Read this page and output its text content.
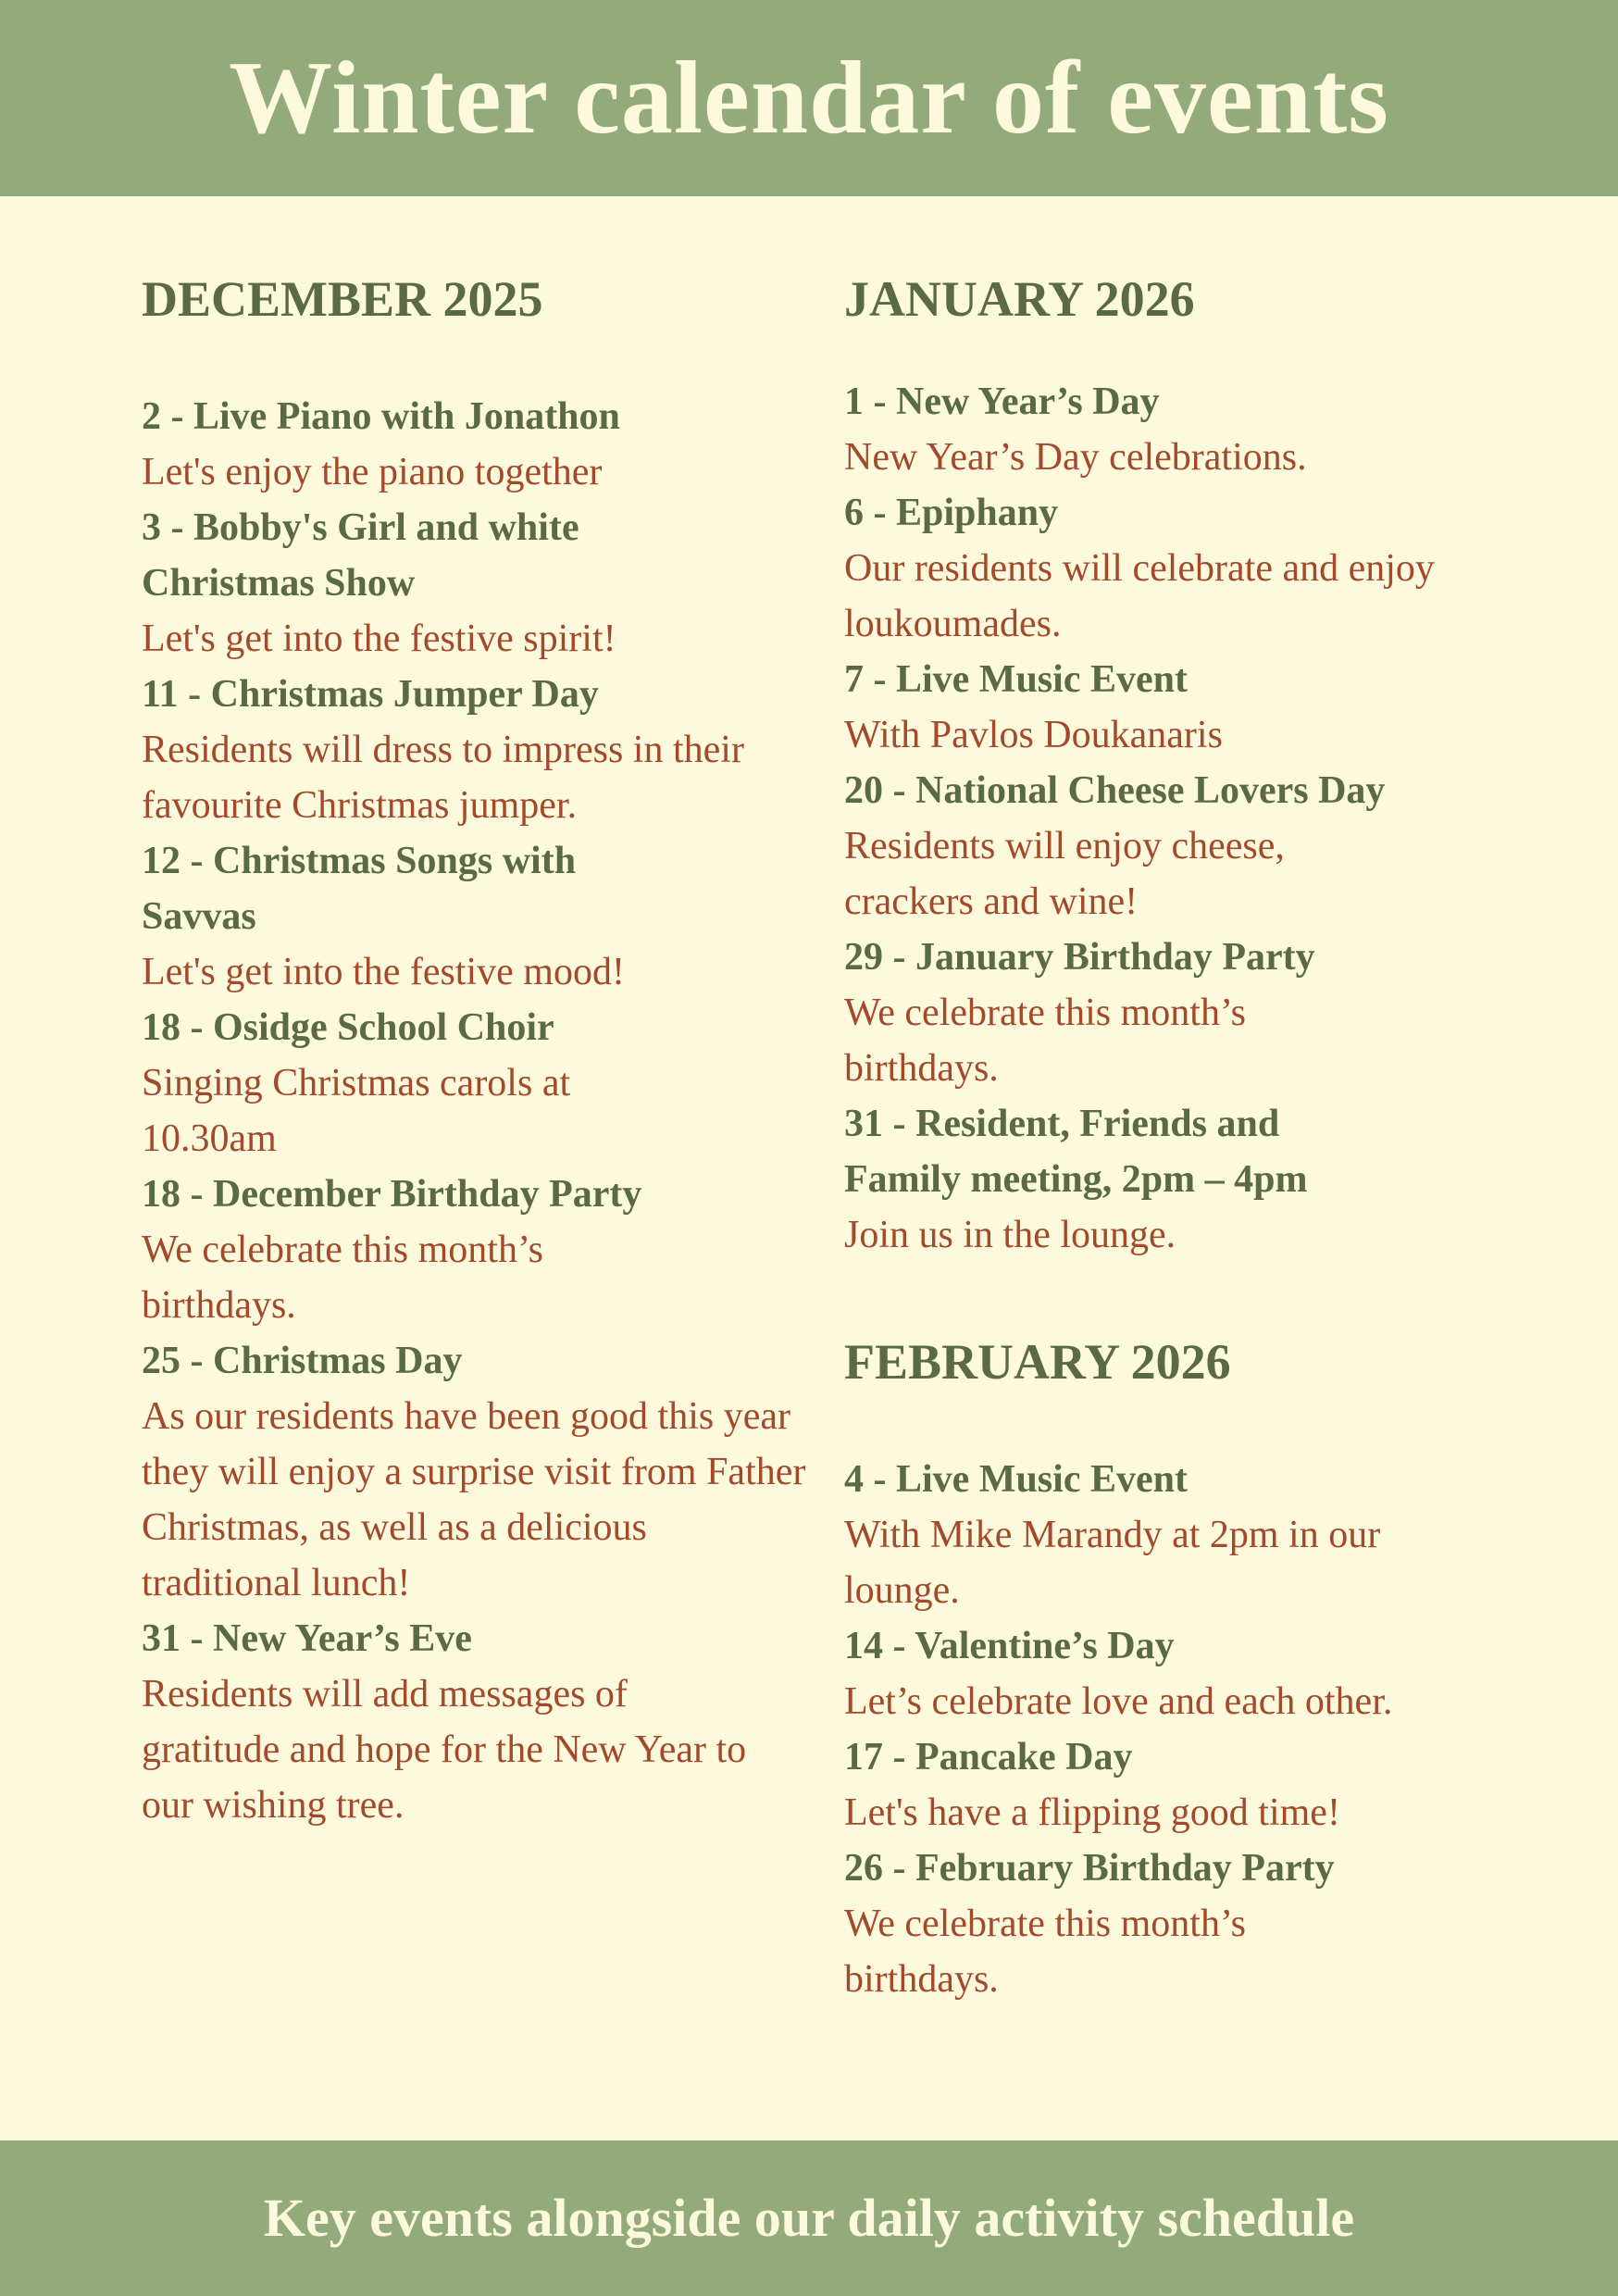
Winter calendar of events
DECEMBER 2025

2 - Live Piano with Jonathon

Let's enjoy the piano together

3 - Bobby's Girl and white Christmas Show

Let's get into the festive spirit!

11 - Christmas Jumper Day

Residents will dress to impress in their favourite Christmas jumper.

12 - Christmas Songs with Savvas

Let's get into the festive mood!

18 - Osidge School Choir

Singing Christmas carols at 10.30am

18 - December Birthday Party

We celebrate this month’s birthdays.

25 - Christmas Day

As our residents have been good this year they will enjoy a surprise visit from Father Christmas, as well as a delicious traditional lunch!

31 - New Year’s Eve

Residents will add messages of gratitude and hope for the New Year to our wishing tree.

JANUARY 2026

1 - New Year’s Day

New Year’s Day celebrations.

6 - Epiphany

Our residents will celebrate and enjoy loukoumades.

7 - Live Music Event

With Pavlos Doukanaris

20 - National Cheese Lovers Day

Residents will enjoy cheese, crackers and wine!

29 - January Birthday Party

We celebrate this month’s birthdays.

31 - Resident, Friends and Family meeting, 2pm – 4pm

Join us in the lounge.

FEBRUARY 2026

4 - Live Music Event

With Mike Marandy at 2pm in our lounge.

14 - Valentine’s Day

Let’s celebrate love and each other.

17 - Pancake Day

Let's have a flipping good time!

26 - February Birthday Party

We celebrate this month’s birthdays.

Key events alongside our daily activity schedule
